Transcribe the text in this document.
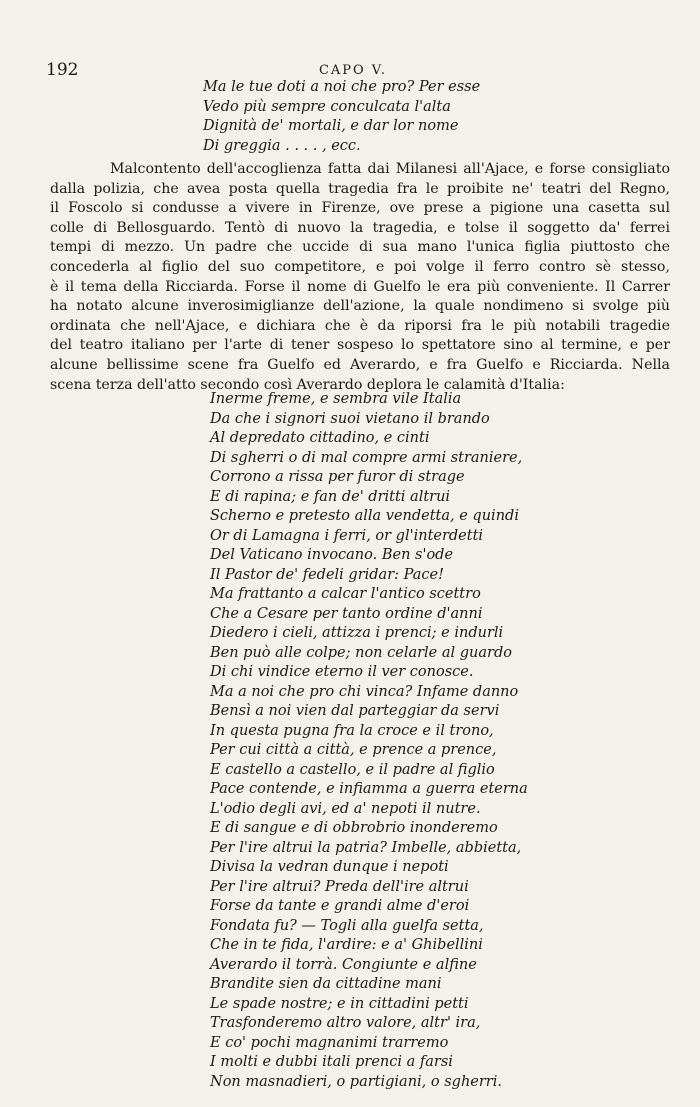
192	CAPO V.
Ma le tue doti a noi che pro? Per esse
Vedo più sempre conculcata l'alta
Dignità de' mortali, e dar lor nome
Di greggia . . . . , ecc.
Malcontento dell'accoglienza fatta dai Milanesi all'Ajace, e forse consigliato
dalla polizia, che avea posta quella tragedia fra le proibite ne' teatri del Regno,
il Foscolo si condusse a vivere in Firenze, ove prese a pigione una casetta sul
colle di Bellosguardo. Tentò di nuovo la tragedia, e tolse il soggetto da' ferrei
tempi di mezzo. Un padre che uccide di sua mano l'unica figlia piuttosto che
concederla al figlio del suo competitore, e poi volge il ferro contro sè stesso,
è il tema della Ricciarda. Forse il nome di Guelfo le era più conveniente. Il Carrer
ha notato alcune inverosimiglianze dell'azione, la quale nondimeno si svolge più
ordinata che nell'Ajace, e dichiara che è da riporsi fra le più notabili tragedie
del teatro italiano per l'arte di tener sospeso lo spettatore sino al termine, e per
alcune bellissime scene fra Guelfo ed Averardo, e fra Guelfo e Ricciarda. Nella
scena terza dell'atto secondo così Averardo deplora le calamità d'Italia:
Inerme freme, e sembra vile Italia
Da che i signori suoi vietano il brando
Al depredato cittadino, e cinti
Di sgherri o di mal compre armi straniere,
Corrono a rissa per furor di strage
E di rapina; e fan de' dritti altrui
Scherno e pretesto alla vendetta, e quindi
Or di Lamagna i ferri, or gl'interdetti
Del Vaticano invocano. Ben s'ode
Il Pastor de' fedeli gridar: Pace!
Ma frattanto a calcar l'antico scettro
Che a Cesare per tanto ordine d'anni
Diedero i cieli, attizza i prenci; e indurli
Ben può alle colpe; non celarle al guardo
Di chi vindice eterno il ver conosce.
Ma a noi che pro chi vinca? Infame danno
Bensì a noi vien dal parteggiar da servi
In questa pugna fra la croce e il trono,
Per cui città a città, e prence a prence,
E castello a castello, e il padre al figlio
Pace contende, e infiamma a guerra eterna
L'odio degli avi, ed a' nepoti il nutre.
E di sangue e di obbrobrio inonderemo
Per l'ire altrui la patria? Imbelle, abbietta,
Divisa la vedran dunque i nepoti
Per l'ire altrui? Preda dell'ire altrui
Forse da tante e grandi alme d'eroi
Fondata fu? — Togli alla guelfa setta,
Che in te fida, l'ardire: e a' Ghibellini
Averardo il torrà. Congiunte e alfine
Brandite sien da cittadine mani
Le spade nostre; e in cittadini petti
Trasfonderemo altro valore, altr' ira,
E co' pochi magnanimi trarremo
I molti e dubbi itali prenci a farsi
Non masnadieri, o partigiani, o sgherri.
